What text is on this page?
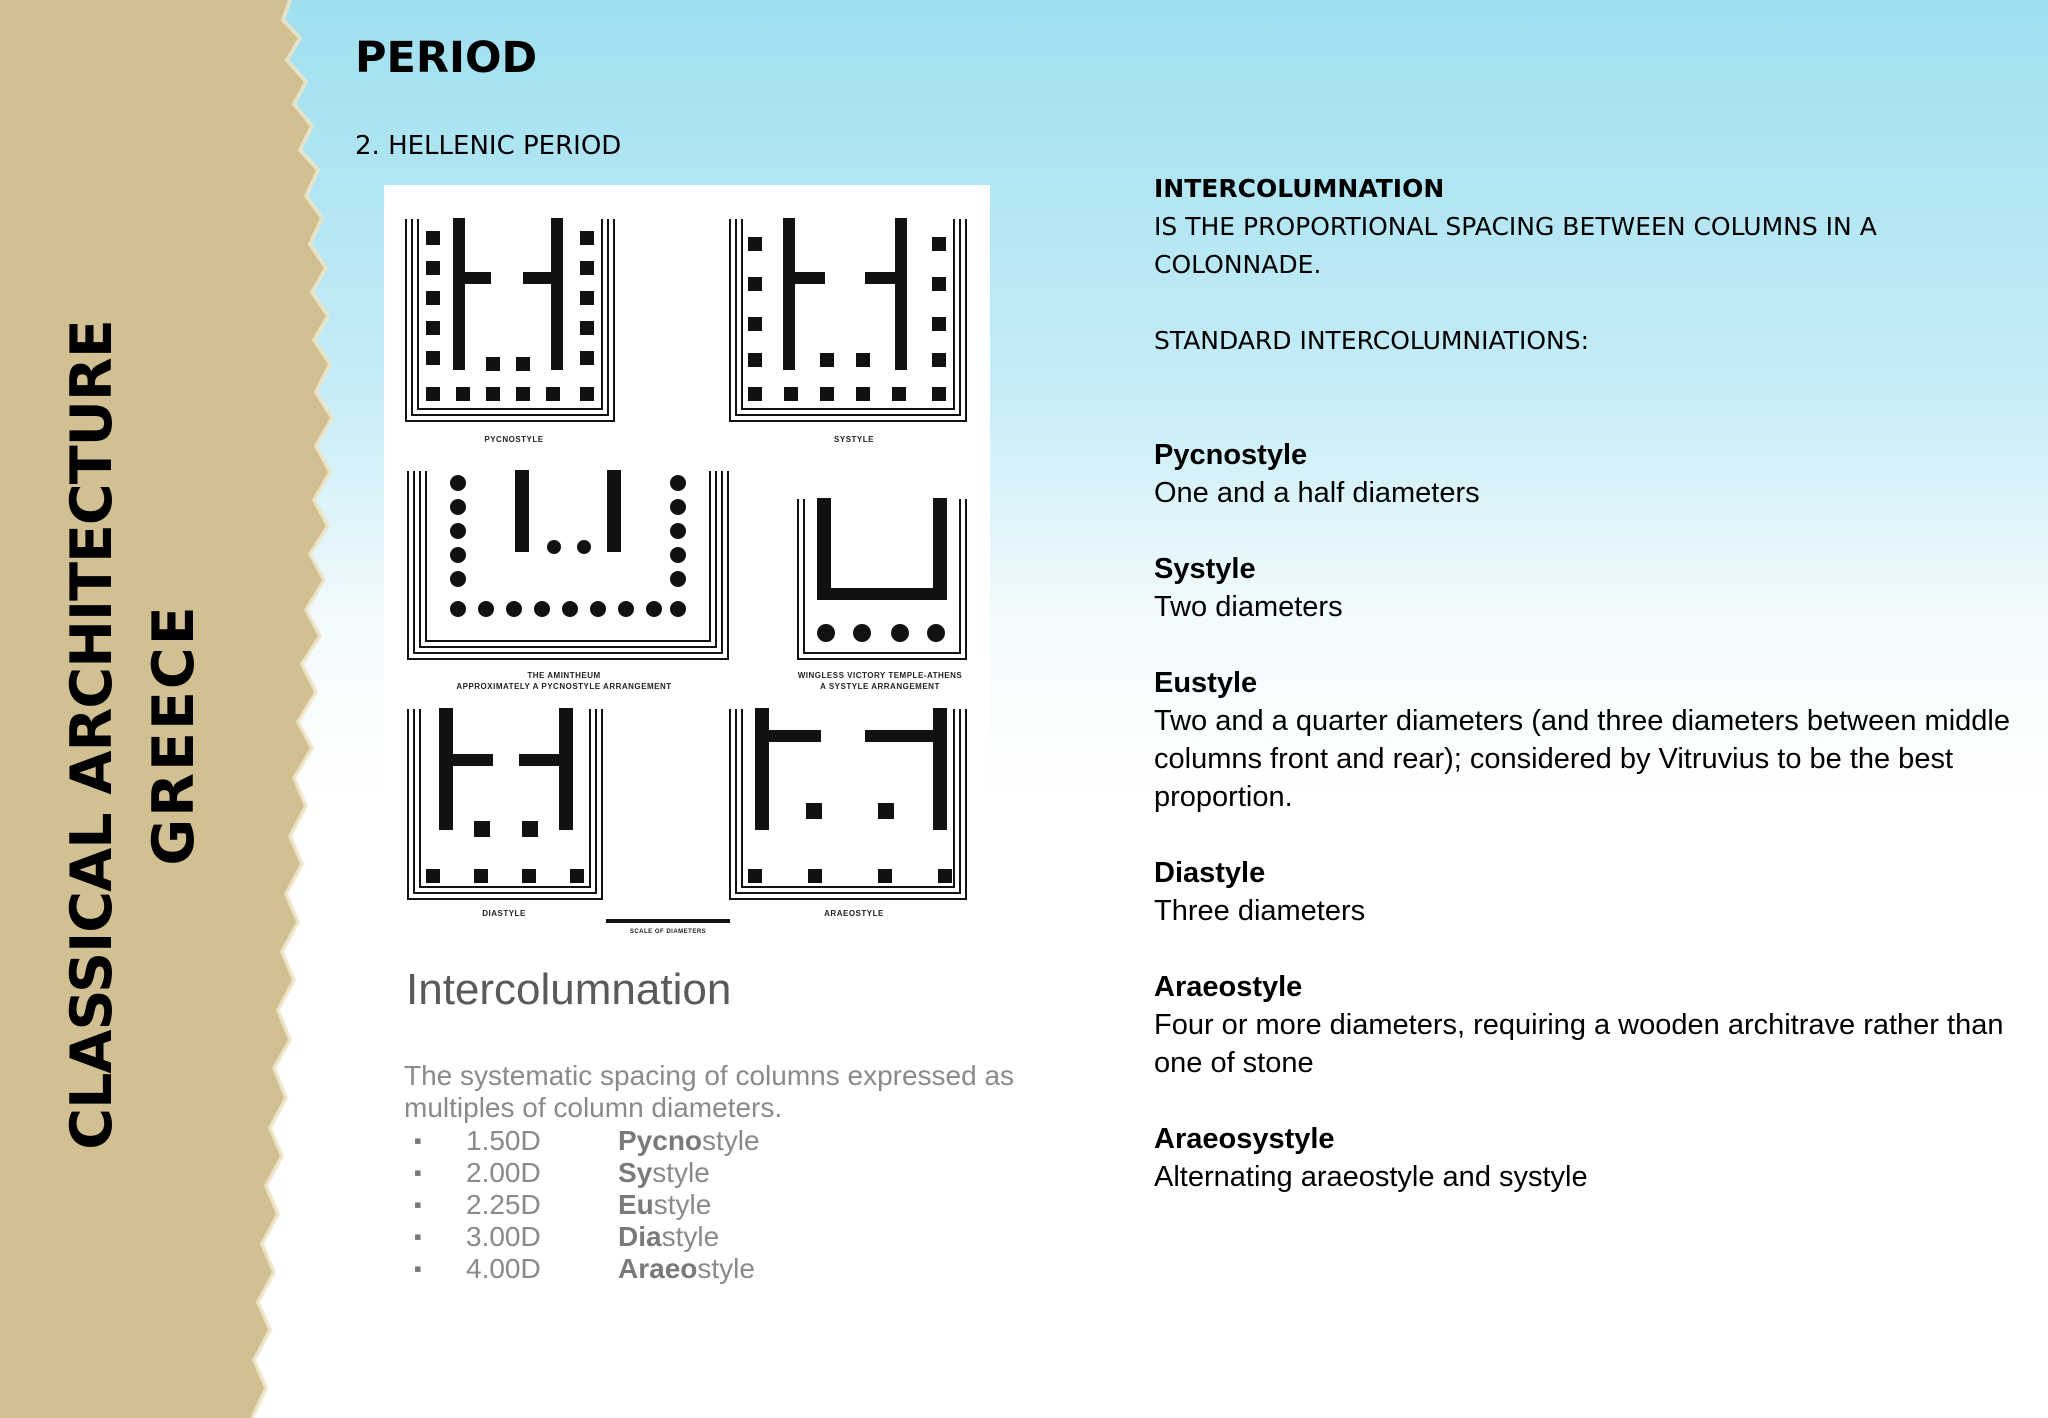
CLASSICAL ARCHITECTURE GREECE
PERIOD
2. HELLENIC PERIOD
PYCNOSTYLE	SYSTYLE
THE AMINTHEUM
APPROXIMATELY A PYCNOSTYLE ARRANGEMENT
WINGLESS VICTORY TEMPLE-ATHENS
A SYSTYLE ARRANGEMENT
DIASTYLE
SCALE OF DIAMETERS
ARAEOSTYLE
Intercolumnation
The systematic spacing of columns expressed as multiples of column diameters.
▪ 1.50D	Pycnostyle
▪ 2.00D	Systyle
▪ 2.25D	Eustyle
▪ 3.00D	Diastyle
▪ 4.00D	Araeostyle
INTERCOLUMNATION
IS THE PROPORTIONAL SPACING BETWEEN COLUMNS IN A COLONNADE.
STANDARD INTERCOLUMNIATIONS:
Pycnostyle
One and a half diameters
Systyle
Two diameters
Eustyle
Two and a quarter diameters (and three diameters between middle columns front and rear); considered by Vitruvius to be the best proportion.
Diastyle
Three diameters
Araeostyle
Four or more diameters, requiring a wooden architrave rather than one of stone
Araeosystyle
Alternating araeostyle and systyle
